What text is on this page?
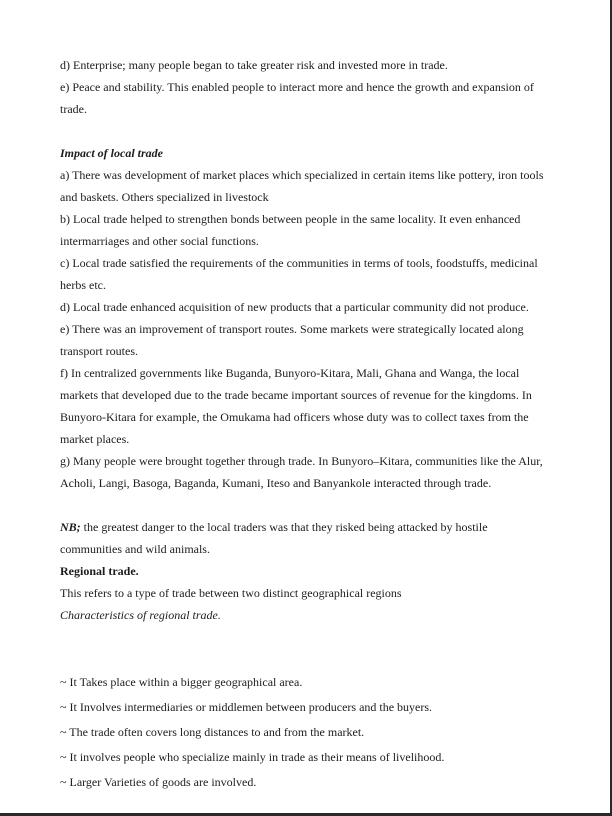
d) Enterprise; many people began to take greater risk and invested more in trade.

e) Peace and stability. This enabled people to interact more and hence the growth and expansion of trade.

Impact of local trade

a) There was development of market places which specialized in certain items like pottery, iron tools and baskets. Others specialized in livestock

b) Local trade helped to strengthen bonds between people in the same locality. It even enhanced intermarriages and other social functions.

c) Local trade satisfied the requirements of the communities in terms of tools, foodstuffs, medicinal herbs etc.

d) Local trade enhanced acquisition of new products that a particular community did not produce.

e) There was an improvement of transport routes. Some markets were strategically located along transport routes.

f) In centralized governments like Buganda, Bunyoro-Kitara, Mali, Ghana and Wanga, the local markets that developed due to the trade became important sources of revenue for the kingdoms. In Bunyoro-Kitara for example, the Omukama had officers whose duty was to collect taxes from the market places.

g) Many people were brought together through trade. In Bunyoro–Kitara, communities like the Alur, Acholi, Langi, Basoga, Baganda, Kumani, Iteso and Banyankole interacted through trade.

NB; the greatest danger to the local traders was that they risked being attacked by hostile communities and wild animals.

Regional trade.

This refers to a type of trade between two distinct geographical regions

Characteristics of regional trade.

~ It Takes place within a bigger geographical area.

~ It Involves intermediaries or middlemen between producers and the buyers.

~ The trade often covers long distances to and from the market.

~ It involves people who specialize mainly in trade as their means of livelihood.

~ Larger Varieties of goods are involved.
